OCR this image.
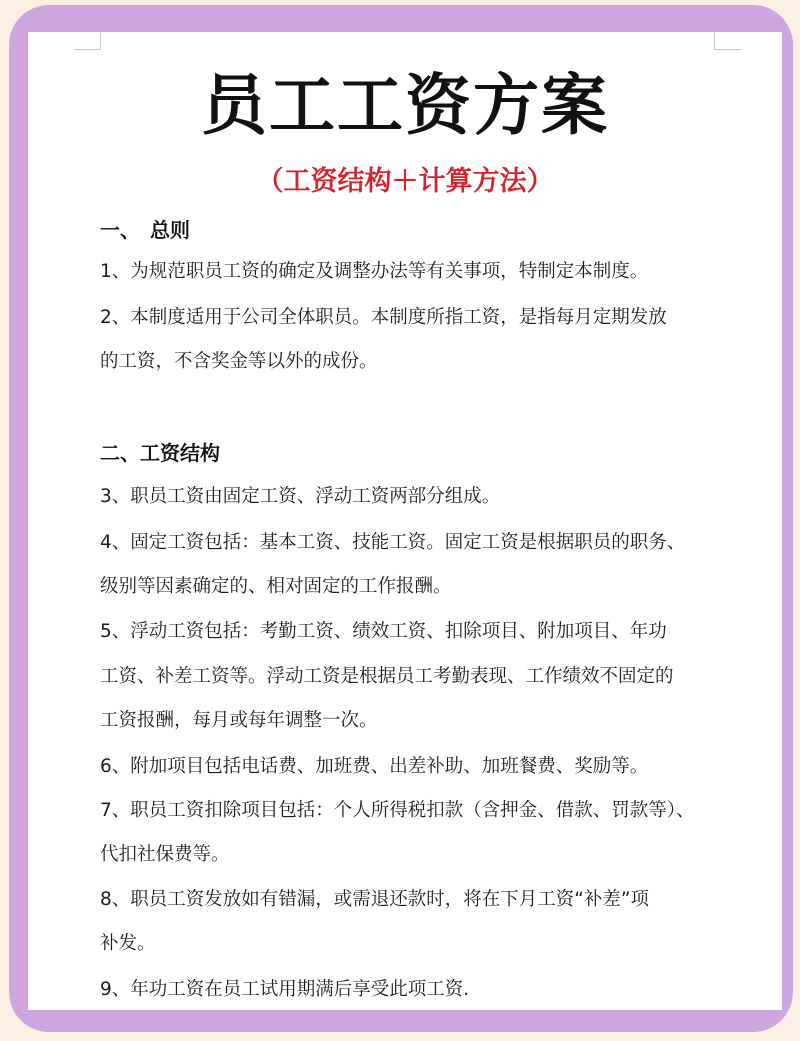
员工工资方案
（工资结构＋计算方法）
一、　总则
1、为规范职员工资的确定及调整办法等有关事项，特制定本制度。
2、本制度适用于公司全体职员。本制度所指工资，是指每月定期发放
的工资，不含奖金等以外的成份。
二、工资结构
3、职员工资由固定工资、浮动工资两部分组成。
4、固定工资包括：基本工资、技能工资。固定工资是根据职员的职务、
级别等因素确定的、相对固定的工作报酬。
5、浮动工资包括：考勤工资、绩效工资、扣除项目、附加项目、年功
工资、补差工资等。浮动工资是根据员工考勤表现、工作绩效不固定的
工资报酬，每月或每年调整一次。
6、附加项目包括电话费、加班费、出差补助、加班餐费、奖励等。
7、职员工资扣除项目包括：个人所得税扣款（含押金、借款、罚款等）、
代扣社保费等。
8、职员工资发放如有错漏，或需退还款时，将在下月工资“补差”项
补发。
9、年功工资在员工试用期满后享受此项工资.
